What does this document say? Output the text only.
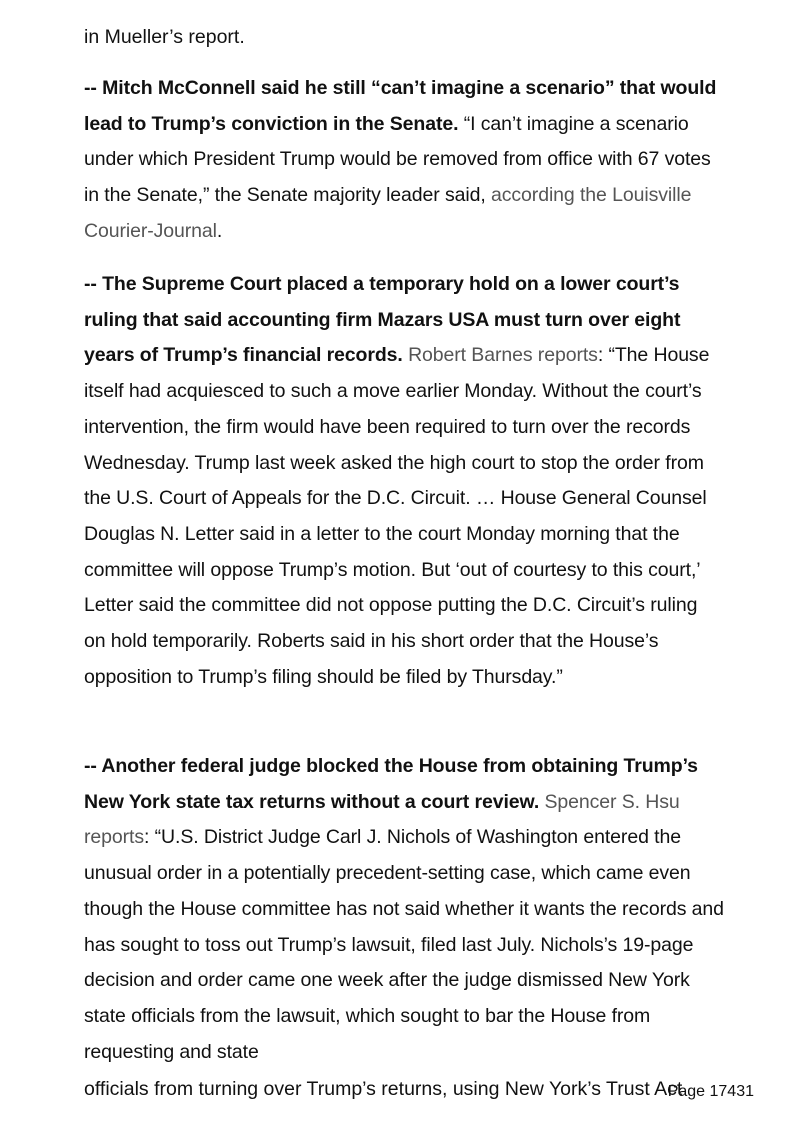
in Mueller’s report.

-- Mitch McConnell said he still “can’t imagine a scenario” that would lead to Trump’s conviction in the Senate. “I can’t imagine a scenario under which President Trump would be removed from office with 67 votes in the Senate,” the Senate majority leader said, according the Louisville Courier-Journal.

-- The Supreme Court placed a temporary hold on a lower court’s ruling that said accounting firm Mazars USA must turn over eight years of Trump’s financial records. Robert Barnes reports: “The House itself had acquiesced to such a move earlier Monday. Without the court’s intervention, the firm would have been required to turn over the records Wednesday. Trump last week asked the high court to stop the order from the U.S. Court of Appeals for the D.C. Circuit. … House General Counsel Douglas N. Letter said in a letter to the court Monday morning that the committee will oppose Trump’s motion. But ‘out of courtesy to this court,’ Letter said the committee did not oppose putting the D.C. Circuit’s ruling on hold temporarily. Roberts said in his short order that the House’s opposition to Trump’s filing should be filed by Thursday.”

-- Another federal judge blocked the House from obtaining Trump’s New York state tax returns without a court review. Spencer S. Hsu reports: “U.S. District Judge Carl J. Nichols of Washington entered the unusual order in a potentially precedent-setting case, which came even though the House committee has not said whether it wants the records and has sought to toss out Trump’s lawsuit, filed last July. Nichols’s 19-page decision and order came one week after the judge dismissed New York state officials from the lawsuit, which sought to bar the House from requesting and state

officials from turning over Trump’s returns, using New York’s Trust Act

Page 17431
